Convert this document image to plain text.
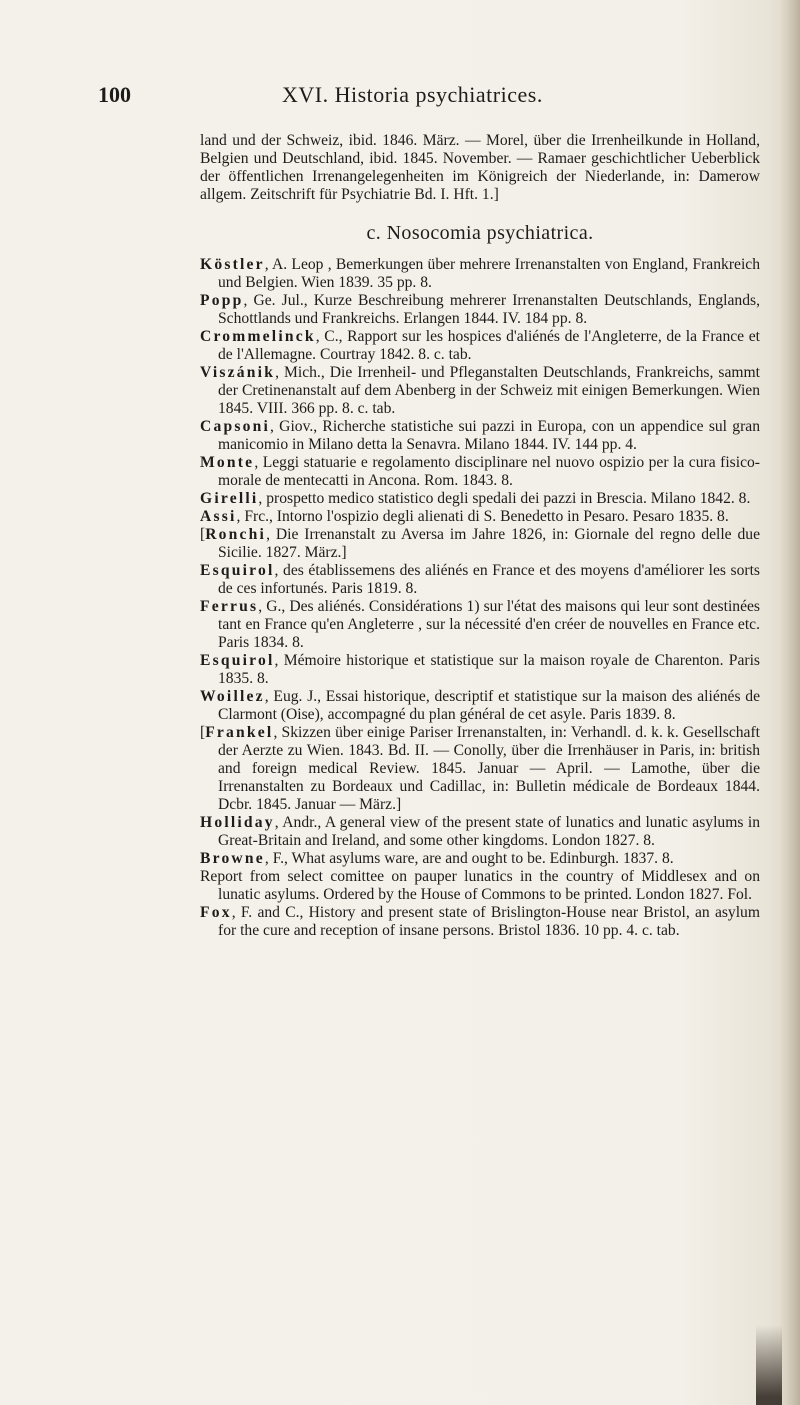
100	XVI. Historia psychiatrices.

land und der Schweiz, ibid. 1846. März. — Morel, über die Irrenheilkunde in Holland, Belgien und Deutschland, ibid. 1845. November. — Ramaer geschichtlicher Ueberblick der öffentlichen Irrenangelegenheiten im Königreich der Niederlande, in: Damerow allgem. Zeitschrift für Psychiatrie Bd. I. Hft. 1.]

c. Nosocomia psychiatrica.

Köstler, A. Leop , Bemerkungen über mehrere Irrenanstalten von England, Frankreich und Belgien. Wien 1839. 35 pp. 8.

Popp, Ge. Jul., Kurze Beschreibung mehrerer Irrenanstalten Deutschlands, Englands, Schottlands und Frankreichs. Erlangen 1844. IV. 184 pp. 8.

Crommelinck, C., Rapport sur les hospices d'aliénés de l'Angleterre, de la France et de l'Allemagne. Courtray 1842. 8. c. tab.

Viszánik, Mich., Die Irrenheil- und Pfleganstalten Deutschlands, Frankreichs, sammt der Cretinenanstalt auf dem Abenberg in der Schweiz mit einigen Bemerkungen. Wien 1845. VIII. 366 pp. 8. c. tab.

Capsoni, Giov., Richerche statistiche sui pazzi in Europa, con un appendice sul gran manicomio in Milano detta la Senavra. Milano 1844. IV. 144 pp. 4.

Monte, Leggi statuarie e regolamento disciplinare nel nuovo ospizio per la cura fisico- morale de mentecatti in Ancona. Rom. 1843. 8.

Girelli, prospetto medico statistico degli spedali dei pazzi in Brescia. Milano 1842. 8.

Assi, Frc., Intorno l'ospizio degli alienati di S. Benedetto in Pesaro. Pesaro 1835. 8.

[Ronchi, Die Irrenanstalt zu Aversa im Jahre 1826, in: Giornale del regno delle due Sicilie. 1827. März.]

Esquirol, des établissemens des aliénés en France et des moyens d'améliorer les sorts de ces infortunés. Paris 1819. 8.

Ferrus, G., Des aliénés. Considérations 1) sur l'état des maisons qui leur sont destinées tant en France qu'en Angleterre , sur la nécessité d'en créer de nouvelles en France etc. Paris 1834. 8.

Esquirol, Mémoire historique et statistique sur la maison royale de Charenton. Paris 1835. 8.

Woillez, Eug. J., Essai historique, descriptif et statistique sur la maison des aliénés de Clarmont (Oise), accompagné du plan général de cet asyle. Paris 1839. 8.

[Frankel, Skizzen über einige Pariser Irrenanstalten, in: Verhandl. d. k. k. Gesellschaft der Aerzte zu Wien. 1843. Bd. II. — Conolly, über die Irrenhäuser in Paris, in: british and foreign medical Review. 1845. Januar — April. — Lamothe, über die Irrenanstalten zu Bordeaux und Cadillac, in: Bulletin médicale de Bordeaux 1844. Dcbr. 1845. Januar — März.]

Holliday, Andr., A general view of the present state of lunatics and lunatic asylums in Great-Britain and Ireland, and some other kingdoms. London 1827. 8.

Browne, F., What asylums ware, are and ought to be. Edinburgh. 1837. 8.

Report from select comittee on pauper lunatics in the country of Middlesex and on lunatic asylums. Ordered by the House of Commons to be printed. London 1827. Fol.

Fox, F. and C., History and present state of Brislington-House near Bristol, an asylum for the cure and reception of insane persons. Bristol 1836. 10 pp. 4. c. tab.
